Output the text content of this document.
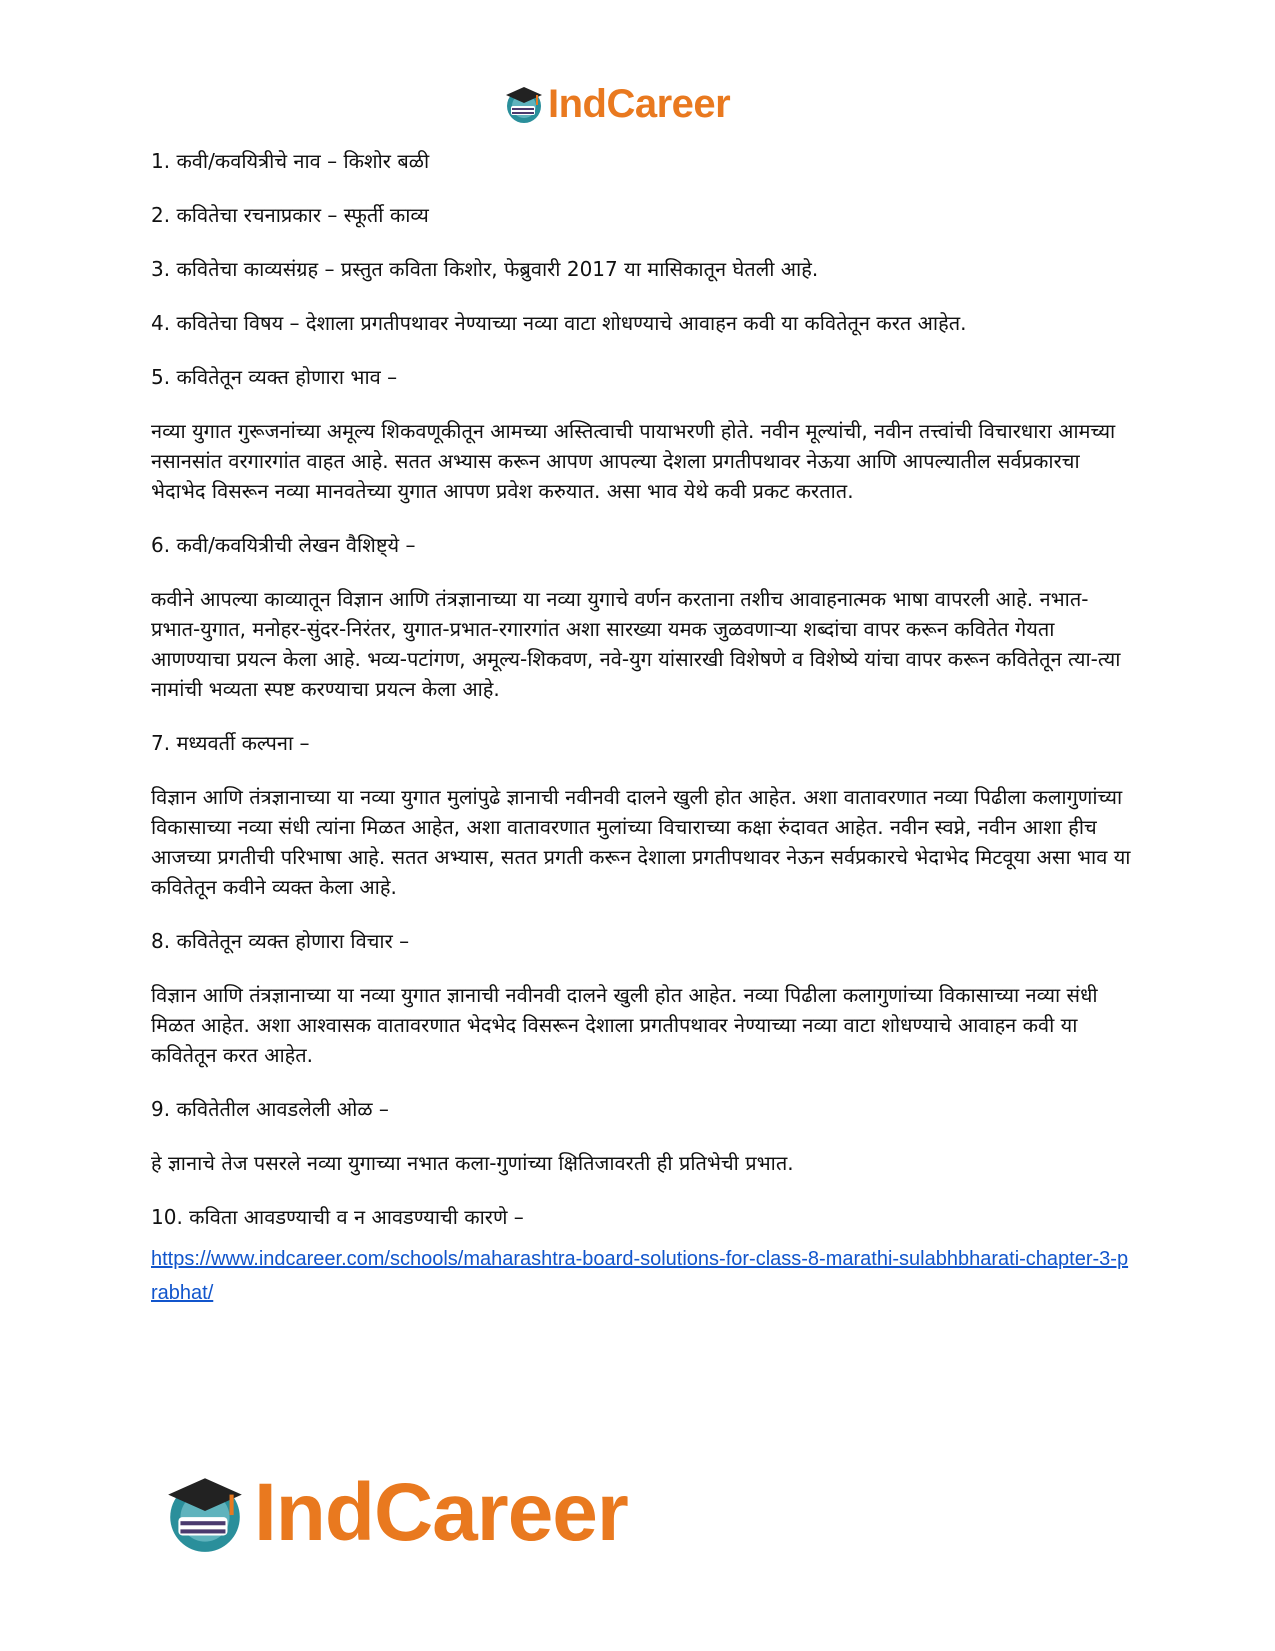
IndCareer

1. कवी/कवयित्रीचे नाव – किशोर बळी

2. कवितेचा रचनाप्रकार – स्फूर्ती काव्य

3. कवितेचा काव्यसंग्रह – प्रस्तुत कविता किशोर, फेब्रुवारी 2017 या मासिकातून घेतली आहे.

4. कवितेचा विषय – देशाला प्रगतीपथावर नेण्याच्या नव्या वाटा शोधण्याचे आवाहन कवी या कवितेतून करत आहेत.

5. कवितेतून व्यक्त होणारा भाव –

नव्या युगात गुरूजनांच्या अमूल्य शिकवणूकीतून आमच्या अस्तित्वाची पायाभरणी होते. नवीन मूल्यांची, नवीन तत्त्वांची विचारधारा आमच्या नसानसांत वरगारगांत वाहत आहे. सतत अभ्यास करून आपण आपल्या देशला प्रगतीपथावर नेऊया आणि आपल्यातील सर्वप्रकारचा भेदाभेद विसरून नव्या मानवतेच्या युगात आपण प्रवेश करुयात. असा भाव येथे कवी प्रकट करतात.

6. कवी/कवयित्रीची लेखन वैशिष्ट्ये –

कवीने आपल्या काव्यातून विज्ञान आणि तंत्रज्ञानाच्या या नव्या युगाचे वर्णन करताना तशीच आवाहनात्मक भाषा वापरली आहे. नभात-प्रभात-युगात, मनोहर-सुंदर-निरंतर, युगात-प्रभात-रगारगांत अशा सारख्या यमक जुळवणाऱ्या शब्दांचा वापर करून कवितेत गेयता आणण्याचा प्रयत्न केला आहे. भव्य-पटांगण, अमूल्य-शिकवण, नवे-युग यांसारखी विशेषणे व विशेष्ये यांचा वापर करून कवितेतून त्या-त्या नामांची भव्यता स्पष्ट करण्याचा प्रयत्न केला आहे.

7. मध्यवर्ती कल्पना –

विज्ञान आणि तंत्रज्ञानाच्या या नव्या युगात मुलांपुढे ज्ञानाची नवीनवी दालने खुली होत आहेत. अशा वातावरणात नव्या पिढीला कलागुणांच्या विकासाच्या नव्या संधी त्यांना मिळत आहेत, अशा वातावरणात मुलांच्या विचाराच्या कक्षा रुंदावत आहेत. नवीन स्वप्ने, नवीन आशा हीच आजच्या प्रगतीची परिभाषा आहे. सतत अभ्यास, सतत प्रगती करून देशाला प्रगतीपथावर नेऊन सर्वप्रकारचे भेदाभेद मिटवूया असा भाव या कवितेतून कवीने व्यक्त केला आहे.

8. कवितेतून व्यक्त होणारा विचार –

विज्ञान आणि तंत्रज्ञानाच्या या नव्या युगात ज्ञानाची नवीनवी दालने खुली होत आहेत. नव्या पिढीला कलागुणांच्या विकासाच्या नव्या संधी मिळत आहेत. अशा आश्वासक वातावरणात भेदभेद विसरून देशाला प्रगतीपथावर नेण्याच्या नव्या वाटा शोधण्याचे आवाहन कवी या कवितेतून करत आहेत.

9. कवितेतील आवडलेली ओळ –

हे ज्ञानाचे तेज पसरले नव्या युगाच्या नभात कला-गुणांच्या क्षितिजावरती ही प्रतिभेची प्रभात.

10. कविता आवडण्याची व न आवडण्याची कारणे –

https://www.indcareer.com/schools/maharashtra-board-solutions-for-class-8-marathi-sulabhbharati-chapter-3-prabhat/
IndCareer
